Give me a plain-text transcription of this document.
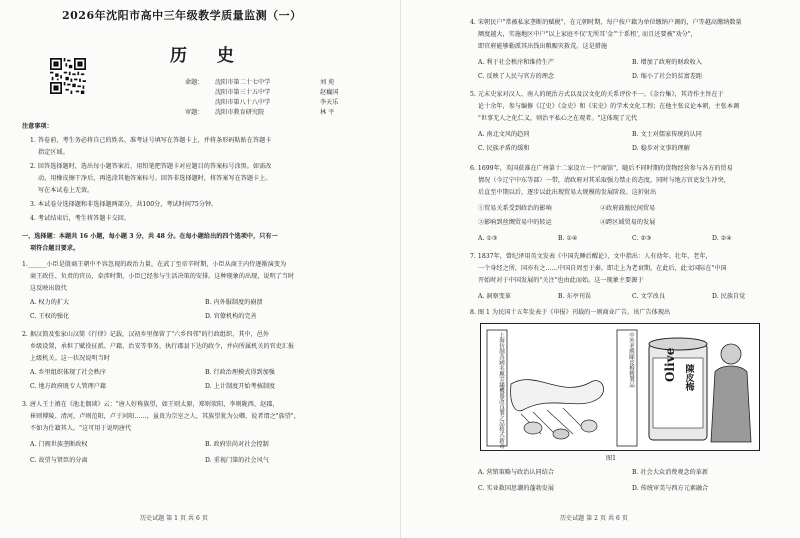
2026年沈阳市高中三年级教学质量监测（一）
历 史
命题： 沈阳市第二十七中学	刘 苑
沈阳市第三十五中学	赵巍国
沈阳市第八十八中学	李天乐
审题： 沈阳市教育研究院	林 平
注意事项：
1. 答卷前，考生务必将自己的姓名、准考证号填写在答题卡上，并将条形码粘贴在答题卡
指定区域。
2. 回答选择题时，选出每小题答案后，用铅笔把答题卡对应题目的答案标号涂黑。如需改
动，用橡皮擦干净后，再选涂其他答案标号。回答非选择题时，将答案写在答题卡上。
写在本试卷上无效。
3. 本试卷分选择题和非选择题两部分，共100分，考试时间75分钟。
4. 考试结束后，考生将答题卡交回。
一、选择题：本题共 16 小题，每小题 3 分，共 48 分。在每小题给出的四个选项中，只有一
项符合题目要求。
1.______小臣是殷商王朝中不容忽视的政治力量，在武丁至帝辛时期，小臣从商王内侍逐渐演变为
商王政任、负责的官员，牵涉时期，小臣已经参与生活决策的安排。这种现象的出现，说明了当时
这反映出殷代
A. 权力的扩大	B. 内外服制度的崩溃
C. 王权的强化	D. 官僚机构的完善
2. 据汉简及张家山汉简《行律》记载，汉初乡里保留了"六乡四邻"的行政组织，其中，邑外
乡级设置，承担了赋役征派、户籍、治安等事务，执行郡县下达的政令，并向所属机关的官吏汇报
上级机关。这一状况说明当时
A. 乡里组织体现了社会秩序	B. 行政治理模式得到加强
C. 地方政府既专人管理户籍	D. 上计制度开始考核制度
3. 唐人王士禛在《池北偶谈》云："唐人好称族望，如王则太原，郑则荥阳，李则陇西、赵郡，
崔则博陵、清河，卢则范阳，卢于河阳……，虽贵为宗室之人，其族望犹为公卿，说者谓之"族望"，
不如为仕籍其人。"这可用于说明唐代
A. 门阀世族垄断政权	B. 政府崇尚对社会控制
C. 故望与贤臣的分离	D. 重视门第的社会风气
历史试题 第 1 页 共 6 页
4. 宋朝民户"常被私家垄断的赋税"，在元朝时期，每户按户籍为单位缴纳户调的，户等越高缴纳数量
额度越大，实施地区中户"以上家庭不仅'无所耳'金'"十系租', 而且还要被"劝分"，
即官府能够勒派其出钱出粮赈灾救荒。这是措施
A. 利于社会秩序和维持生产	B. 增加了政府的财政收入
C. 反映了人民与官方的理念	D. 缩小了社会的贫富差距
5. 元末史家对汉人、南人的统治方式以及汉文化的关系评价不一。《金台集》，其诗作主旨在于
论十余年，参与编修《辽史》《金史》和《宋史》的学术文化工程；在他主张议论本朝，主张本调
"世事无人之化仁义，则治平私心之在观者。"这体现了元代
A. 南北文风的趋同	B. 文士对儒家传统的认同
C. 民族矛盾的缓和	D. 稳步对文事的理解
6. 1699年，英国获准在广州第十二家设立一个"商馆"，随后不同时期的货物经营参与各方的贸易
情况（今辽宁中东等部）一带，清政府对其采取强力禁止的态度，同时与地方官吏发生冲突，
后直至中期以后，逐步以此出现贸易大规模的发展阶段。这折射出
①贸易关系受到政治的影响	②政府鼓励民间贸易
③影响到丝绸贸易中的转运	④跨区域贸易的发展
A. ①③	B. ①④	C. ②③	D. ②④
7. 1837年，曾纪泽用英文发表《中国先睡后醒论》，文中指出：人有幼年、壮年、老年，
一个身经之所，国亦有之……中国自周至于秦，即走上为老衰期。在此后，此文国际在"中国
开始时对于中国发展的"关注"也由此而始。这一现象主要源于
A. 洞察变革	B. 东亭刊误	C. 文学改良	D. 民族自觉
8. 图 1 为民国十五年发表于《申报》刊载的一则商业广告。该广告体现出
上海仿制各國名廠雲繡機器改良製之品格式新奇	中外老牌陳皮梅精製品 Olive 陳皮梅
图1
A. 营销策略与政治认同结合	B. 社会大众消费观念的革新
C. 实业救国思潮的蓬勃发展	D. 传统审美与西方元素融合
历史试题 第 2 页 共 6 页
